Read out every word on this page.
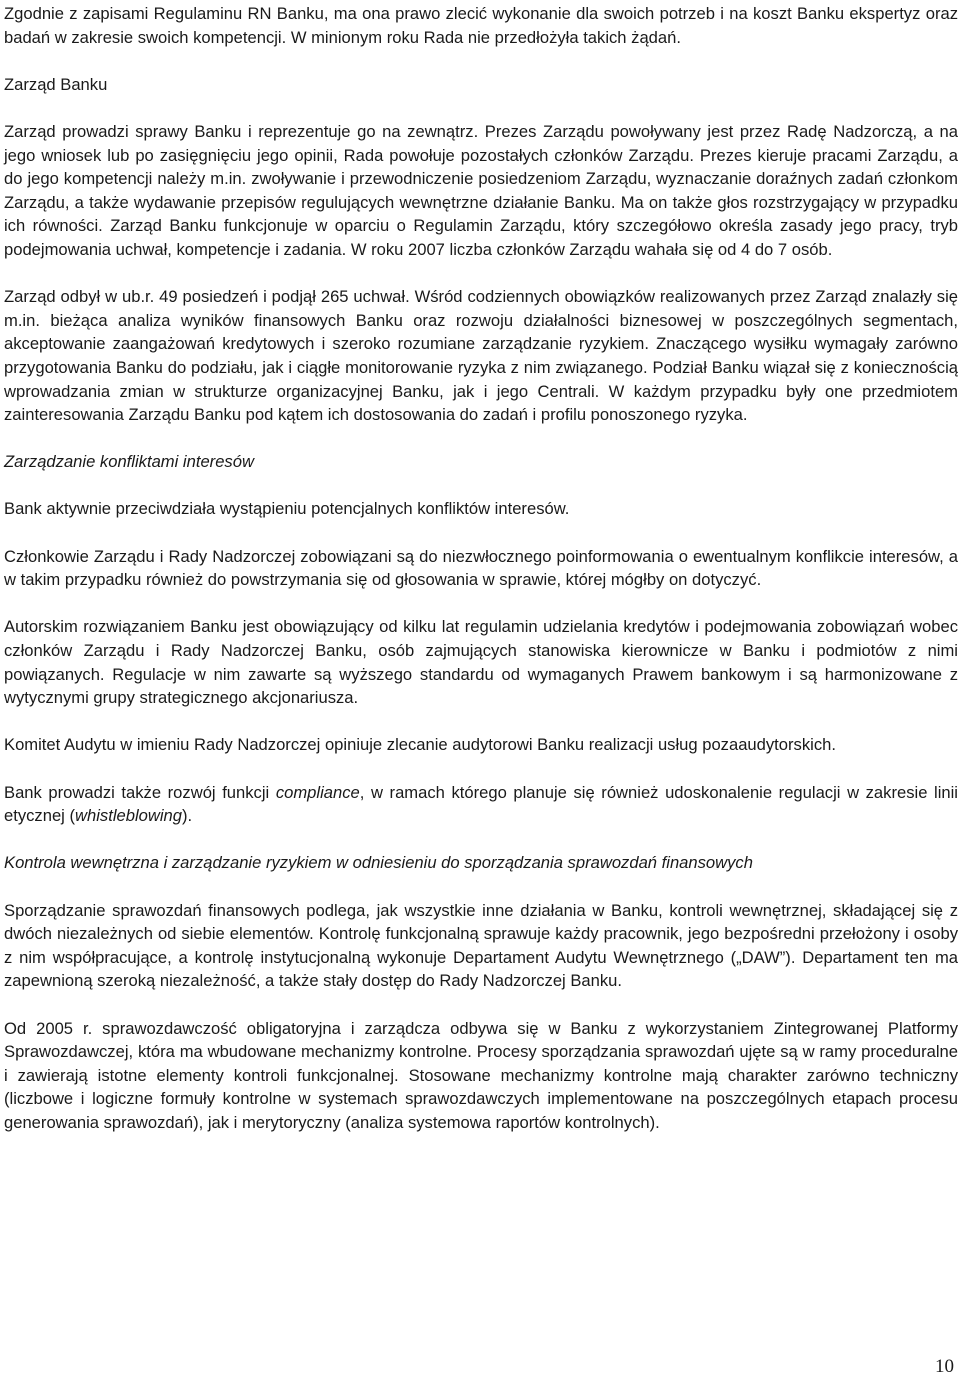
Zgodnie z zapisami Regulaminu RN Banku, ma ona prawo zlecić wykonanie dla swoich potrzeb i na koszt Banku ekspertyz oraz badań w zakresie swoich kompetencji. W minionym roku Rada nie przedłożyła takich żądań.

Zarząd Banku

Zarząd prowadzi sprawy Banku i reprezentuje go na zewnątrz. Prezes Zarządu powoływany jest przez Radę Nadzorczą, a na jego wniosek lub po zasięgnięciu jego opinii, Rada powołuje pozostałych członków Zarządu. Prezes kieruje pracami Zarządu, a do jego kompetencji należy m.in. zwoływanie i przewodniczenie posiedzeniom Zarządu, wyznaczanie doraźnych zadań członkom Zarządu, a także wydawanie przepisów regulujących wewnętrzne działanie Banku. Ma on także głos rozstrzygający w przypadku ich równości. Zarząd Banku funkcjonuje w oparciu o Regulamin Zarządu, który szczegółowo określa zasady jego pracy, tryb podejmowania uchwał, kompetencje i zadania. W roku 2007 liczba członków Zarządu wahała się od 4 do 7 osób.

Zarząd odbył w ub.r. 49 posiedzeń i podjął 265 uchwał. Wśród codziennych obowiązków realizowanych przez Zarząd znalazły się m.in. bieżąca analiza wyników finansowych Banku oraz rozwoju działalności biznesowej w poszczególnych segmentach, akceptowanie zaangażowań kredytowych i szeroko rozumiane zarządzanie ryzykiem. Znaczącego wysiłku wymagały zarówno przygotowania Banku do podziału, jak i ciągłe monitorowanie ryzyka z nim związanego. Podział Banku wiązał się z koniecznością wprowadzania zmian w strukturze organizacyjnej Banku, jak i jego Centrali. W każdym przypadku były one przedmiotem zainteresowania Zarządu Banku pod kątem ich dostosowania do zadań i profilu ponoszonego ryzyka.

Zarządzanie konfliktami interesów

Bank aktywnie przeciwdziała wystąpieniu potencjalnych konfliktów interesów.

Członkowie Zarządu i Rady Nadzorczej zobowiązani są do niezwłocznego poinformowania o ewentualnym konflikcie interesów, a w takim przypadku również do powstrzymania się od głosowania w sprawie, której mógłby on dotyczyć.

Autorskim rozwiązaniem Banku jest obowiązujący od kilku lat regulamin udzielania kredytów i podejmowania zobowiązań wobec członków Zarządu i Rady Nadzorczej Banku, osób zajmujących stanowiska kierownicze w Banku i podmiotów z nimi powiązanych. Regulacje w nim zawarte są wyższego standardu od wymaganych Prawem bankowym i są harmonizowane z wytycznymi grupy strategicznego akcjonariusza.

Komitet Audytu w imieniu Rady Nadzorczej opiniuje zlecanie audytorowi Banku realizacji usług pozaaudytorskich.

Bank prowadzi także rozwój funkcji compliance, w ramach którego planuje się również udoskonalenie regulacji w zakresie linii etycznej (whistleblowing).

Kontrola wewnętrzna i zarządzanie ryzykiem w odniesieniu do sporządzania sprawozdań finansowych

Sporządzanie sprawozdań finansowych podlega, jak wszystkie inne działania w Banku, kontroli wewnętrznej, składającej się z dwóch niezależnych od siebie elementów. Kontrolę funkcjonalną sprawuje każdy pracownik, jego bezpośredni przełożony i osoby z nim współpracujące, a kontrolę instytucjonalną wykonuje Departament Audytu Wewnętrznego („DAW”). Departament ten ma zapewnioną szeroką niezależność, a także stały dostęp do Rady Nadzorczej Banku.

Od 2005 r. sprawozdawczość obligatoryjna i zarządcza odbywa się w Banku z wykorzystaniem Zintegrowanej Platformy Sprawozdawczej, która ma wbudowane mechanizmy kontrolne. Procesy sporządzania sprawozdań ujęte są w ramy proceduralne i zawierają istotne elementy kontroli funkcjonalnej. Stosowane mechanizmy kontrolne mają charakter zarówno techniczny (liczbowe i logiczne formuły kontrolne w systemach sprawozdawczych implementowane na poszczególnych etapach procesu generowania sprawozdań), jak i merytoryczny (analiza systemowa raportów kontrolnych).

10
